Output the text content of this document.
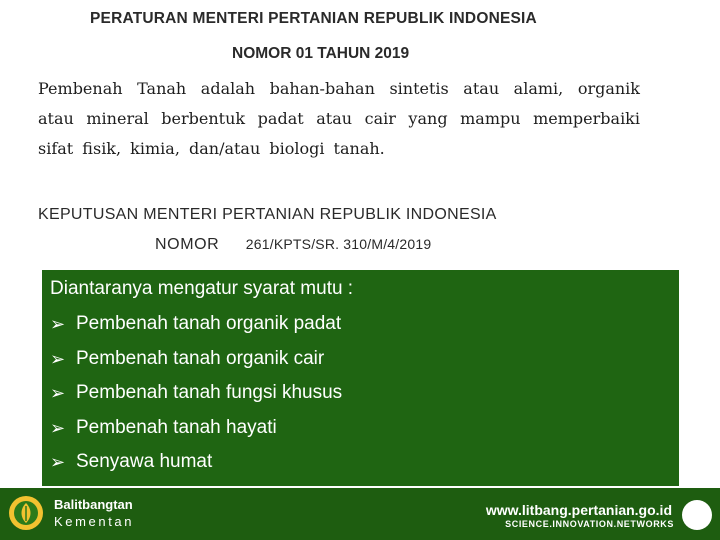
PERATURAN MENTERI PERTANIAN REPUBLIK INDONESIA
NOMOR 01 TAHUN 2019
Pembenah Tanah adalah bahan-bahan sintetis atau alami, organik atau mineral berbentuk padat atau cair yang mampu memperbaiki sifat fisik, kimia, dan/atau biologi tanah.
KEPUTUSAN MENTERI PERTANIAN REPUBLIK INDONESIA
NOMOR 261/KPTS/SR. 310/M/4/2019
Diantaranya mengatur syarat mutu :
➢ Pembenah tanah organik padat
➢ Pembenah tanah organik cair
➢ Pembenah tanah fungsi khusus
➢ Pembenah tanah hayati
➢ Senyawa humat
Balitbangtan
Kementan
www.litbang.pertanian.go.id
SCIENCE.INNOVATION.NETWORKS
